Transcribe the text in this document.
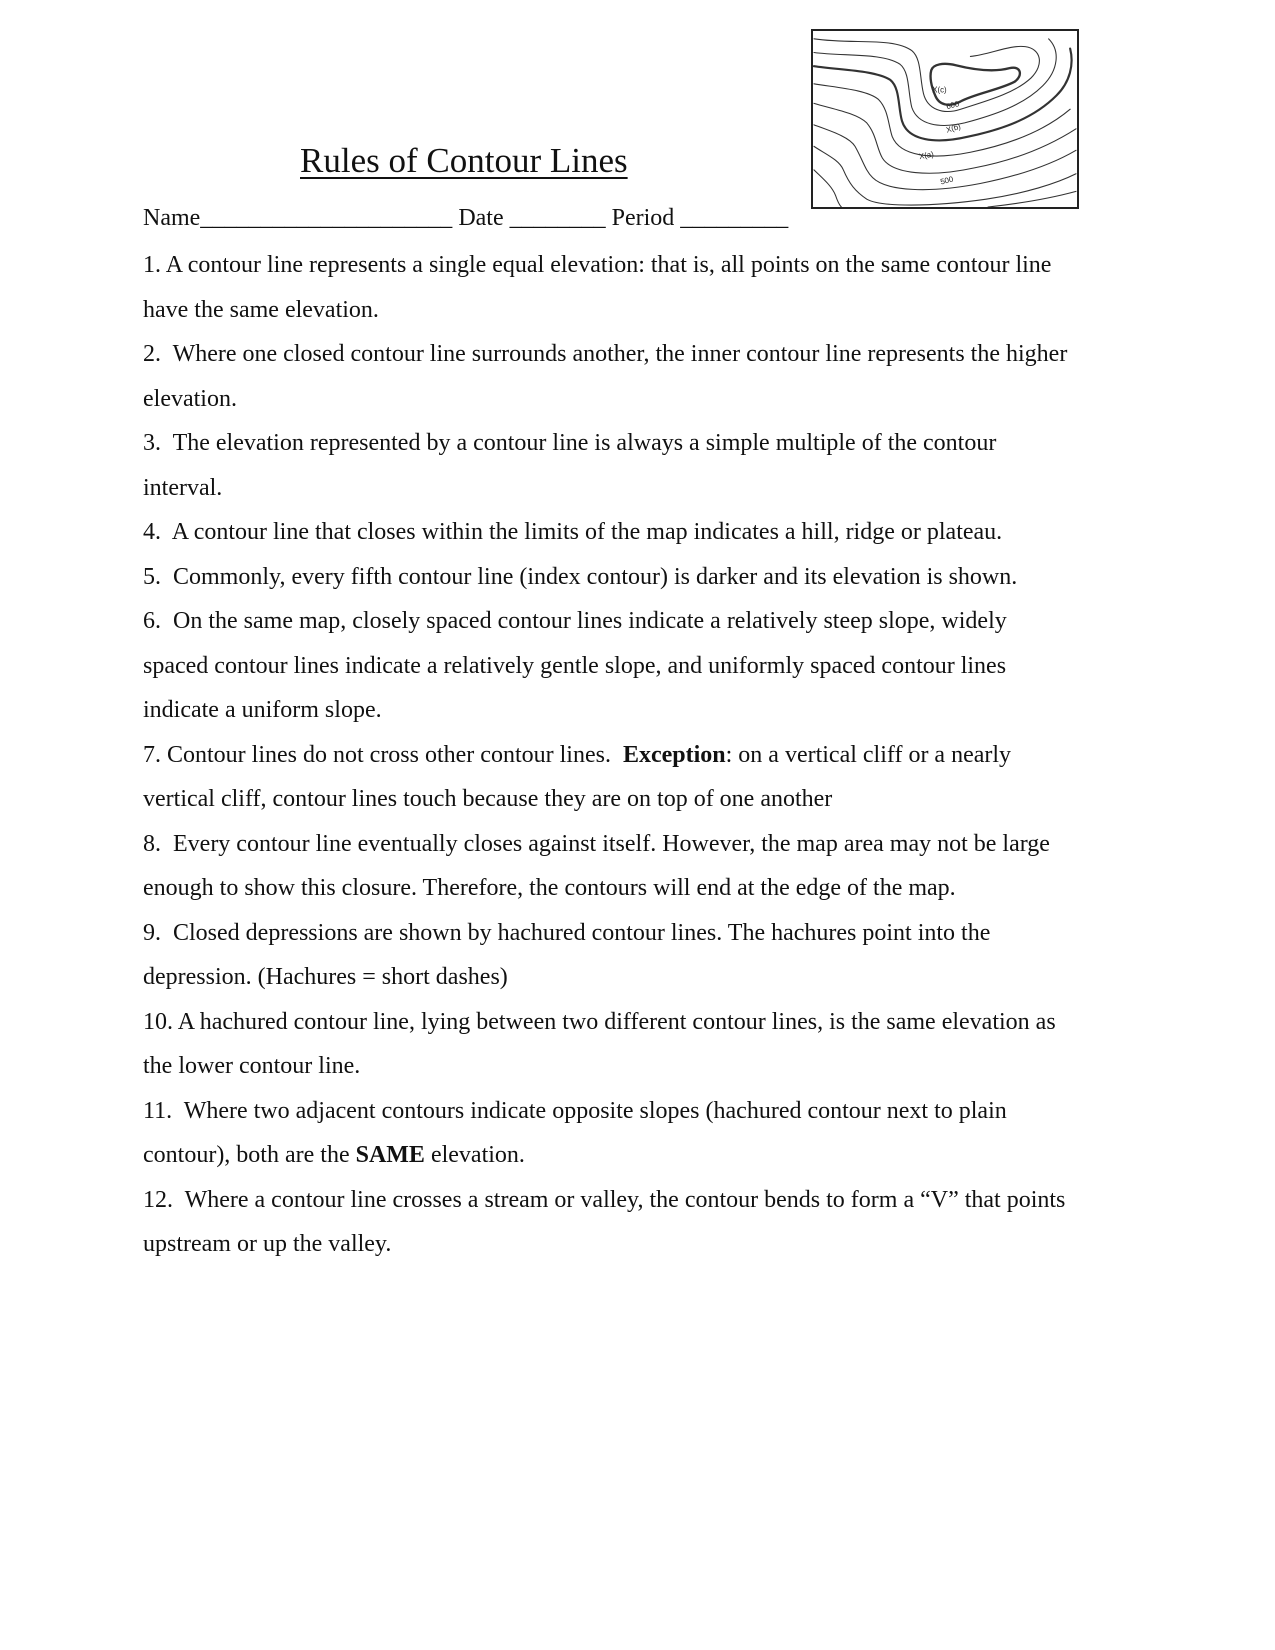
Rules of Contour Lines
X(c)
600
X(b)
X(a)
500
Name_____________________ Date ________ Period _________
1. A contour line represents a single equal elevation: that is, all points on the same contour line have the same elevation.
2. Where one closed contour line surrounds another, the inner contour line represents the higher elevation.
3. The elevation represented by a contour line is always a simple multiple of the contour interval.
4. A contour line that closes within the limits of the map indicates a hill, ridge or plateau.
5. Commonly, every fifth contour line (index contour) is darker and its elevation is shown.
6. On the same map, closely spaced contour lines indicate a relatively steep slope, widely spaced contour lines indicate a relatively gentle slope, and uniformly spaced contour lines indicate a uniform slope.
7. Contour lines do not cross other contour lines. Exception: on a vertical cliff or a nearly vertical cliff, contour lines touch because they are on top of one another
8. Every contour line eventually closes against itself. However, the map area may not be large enough to show this closure. Therefore, the contours will end at the edge of the map.
9. Closed depressions are shown by hachured contour lines. The hachures point into the depression. (Hachures = short dashes)
10. A hachured contour line, lying between two different contour lines, is the same elevation as the lower contour line.
11. Where two adjacent contours indicate opposite slopes (hachured contour next to plain contour), both are the SAME elevation.
12. Where a contour line crosses a stream or valley, the contour bends to form a “V” that points upstream or up the valley.
